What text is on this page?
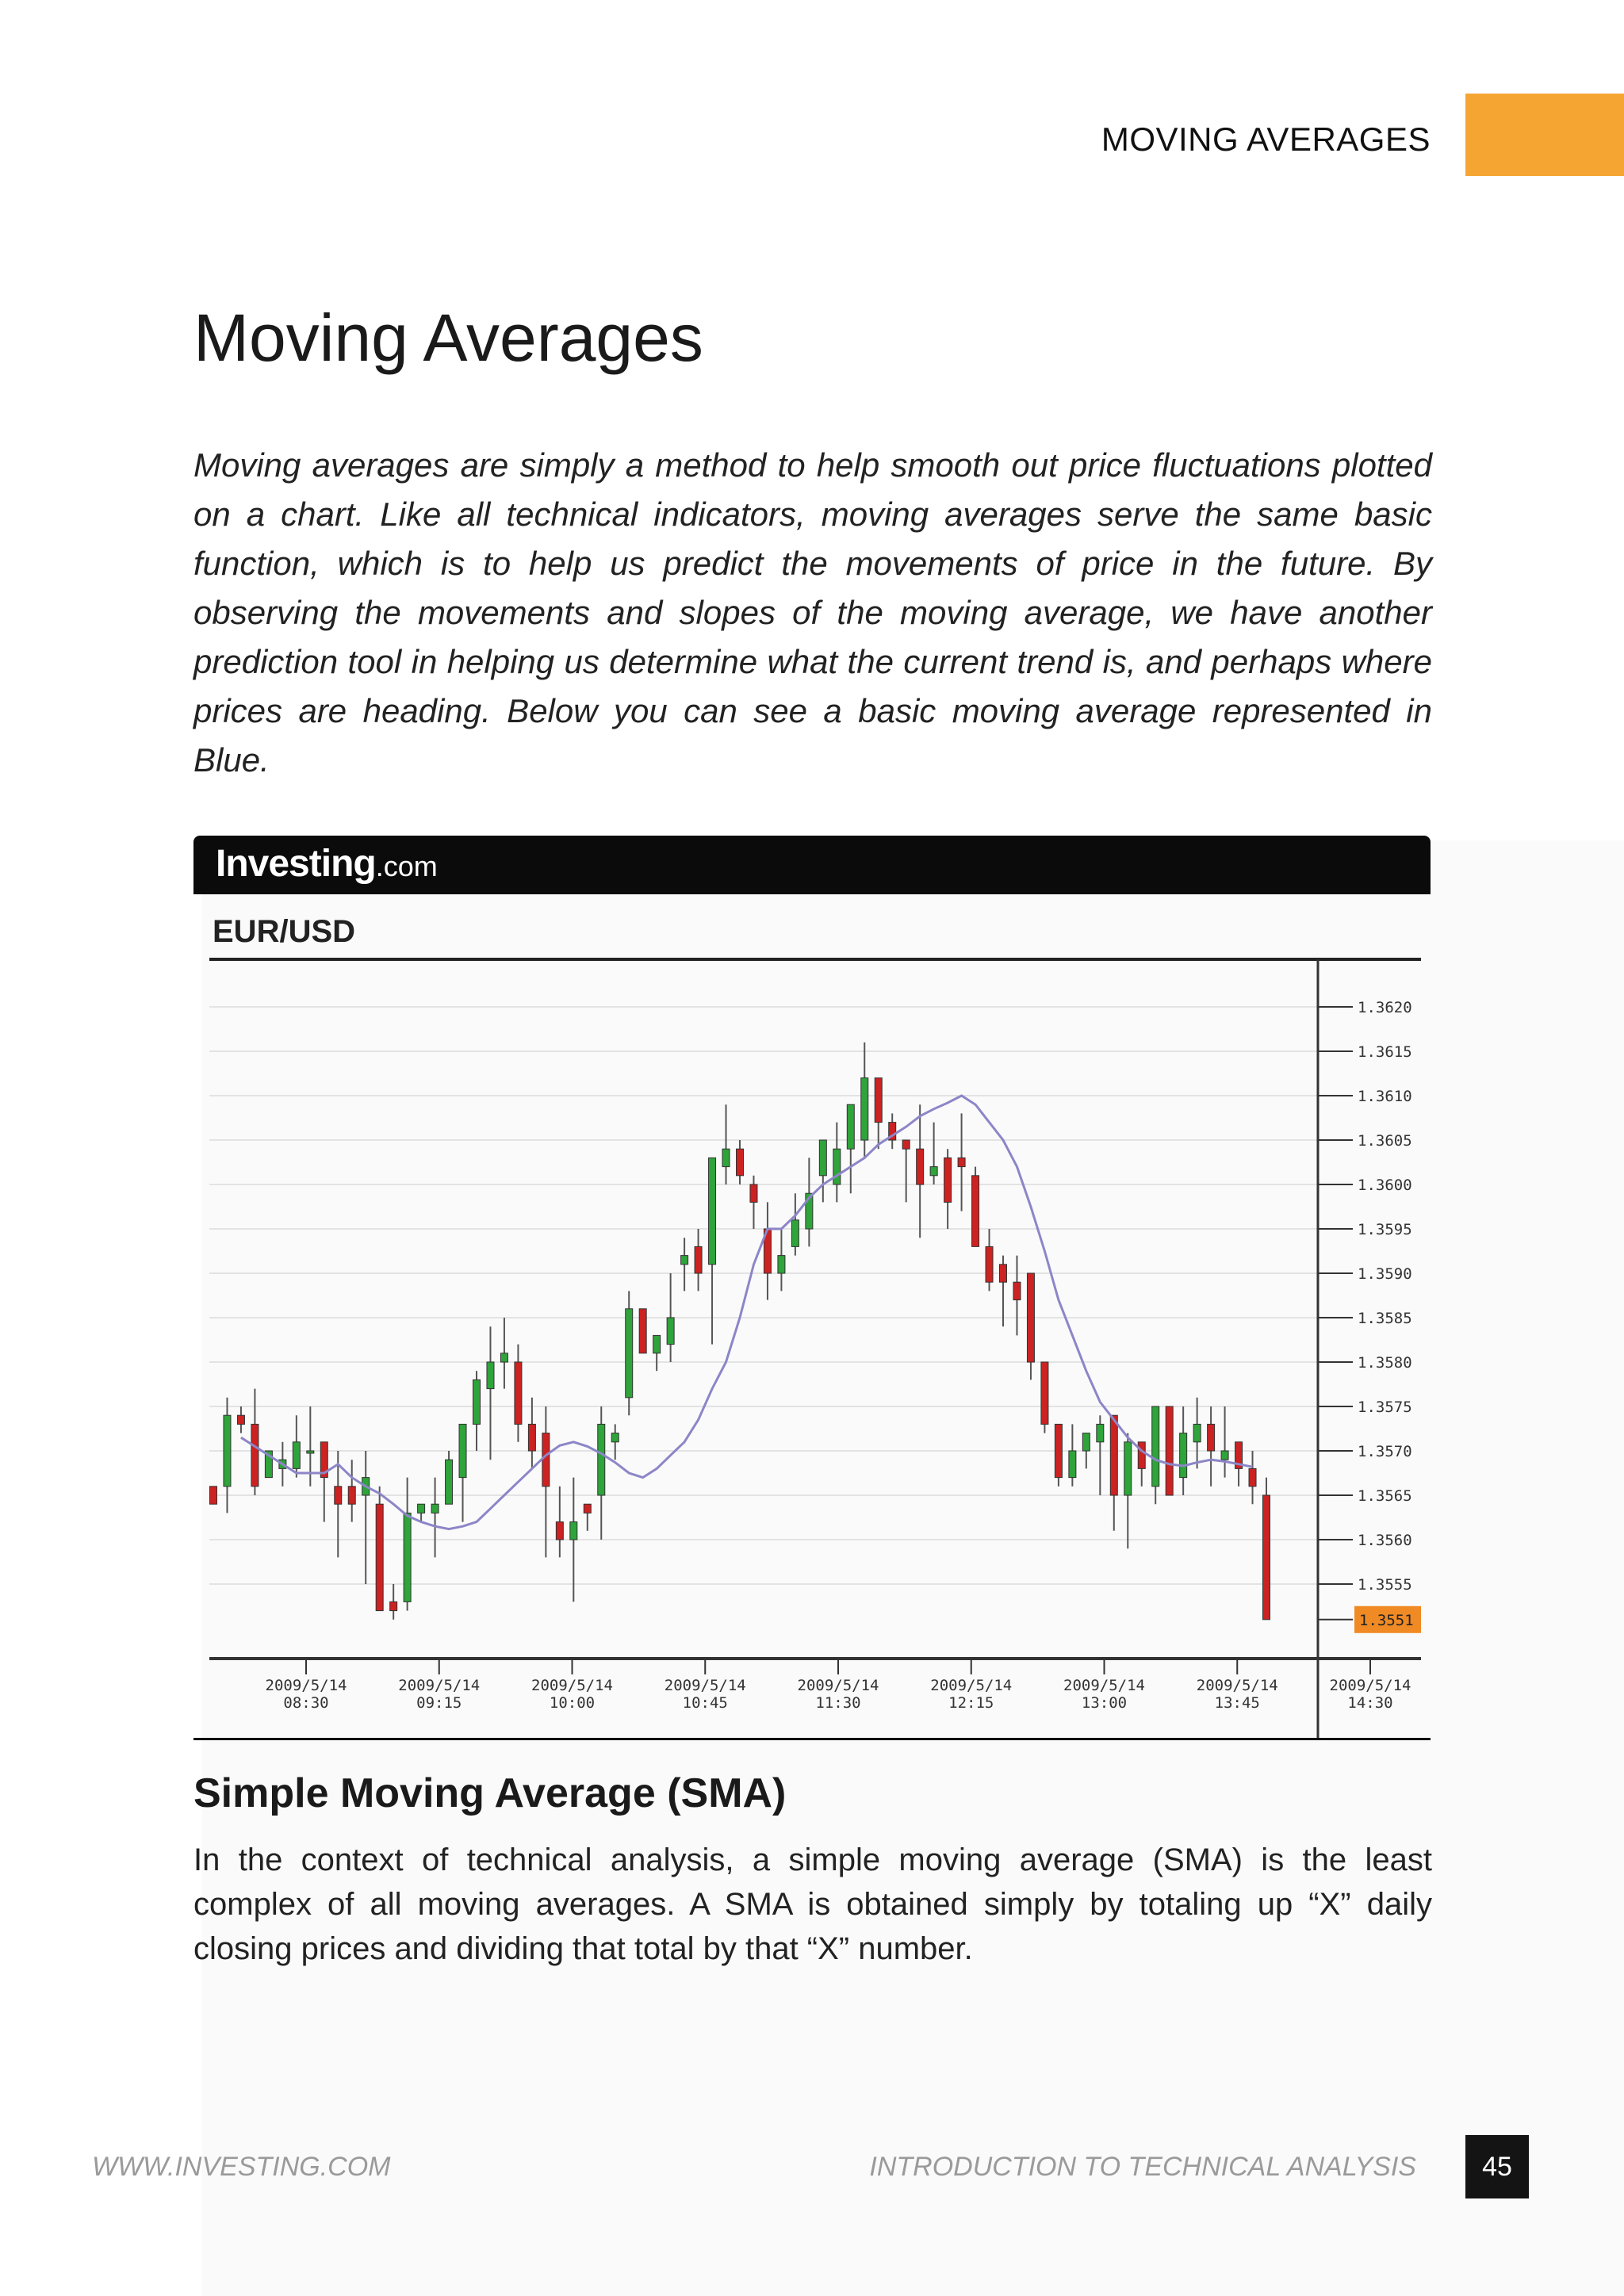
MOVING AVERAGES
Moving Averages

Moving averages are simply a method to help smooth out price fluctuations plotted on a chart. Like all technical indicators, moving averages serve the same basic function, which is to help us predict the movements of price in the future. By observing the movements and slopes of the moving average, we have another prediction tool in helping us determine what the current trend is, and perhaps where prices are heading. Below you can see a basic moving average represented in Blue.

Investing.com
EUR/USD
1.3620
1.3615
1.3610
1.3605
1.3600
1.3595
1.3590
1.3585
1.3580
1.3575
1.3570
1.3565
1.3560
1.3555
1.3551
2009/5/14
08:30
2009/5/14
09:15
2009/5/14
10:00
2009/5/14
10:45
2009/5/14
11:30
2009/5/14
12:15
2009/5/14
13:00
2009/5/14
13:45
2009/5/14
14:30
Simple Moving Average (SMA)

In the context of technical analysis, a simple moving average (SMA) is the least complex of all moving averages. A SMA is obtained simply by totaling up “X” daily closing prices and dividing that total by that “X” number.

WWW.INVESTING.COM	INTRODUCTION TO TECHNICAL ANALYSIS	45
